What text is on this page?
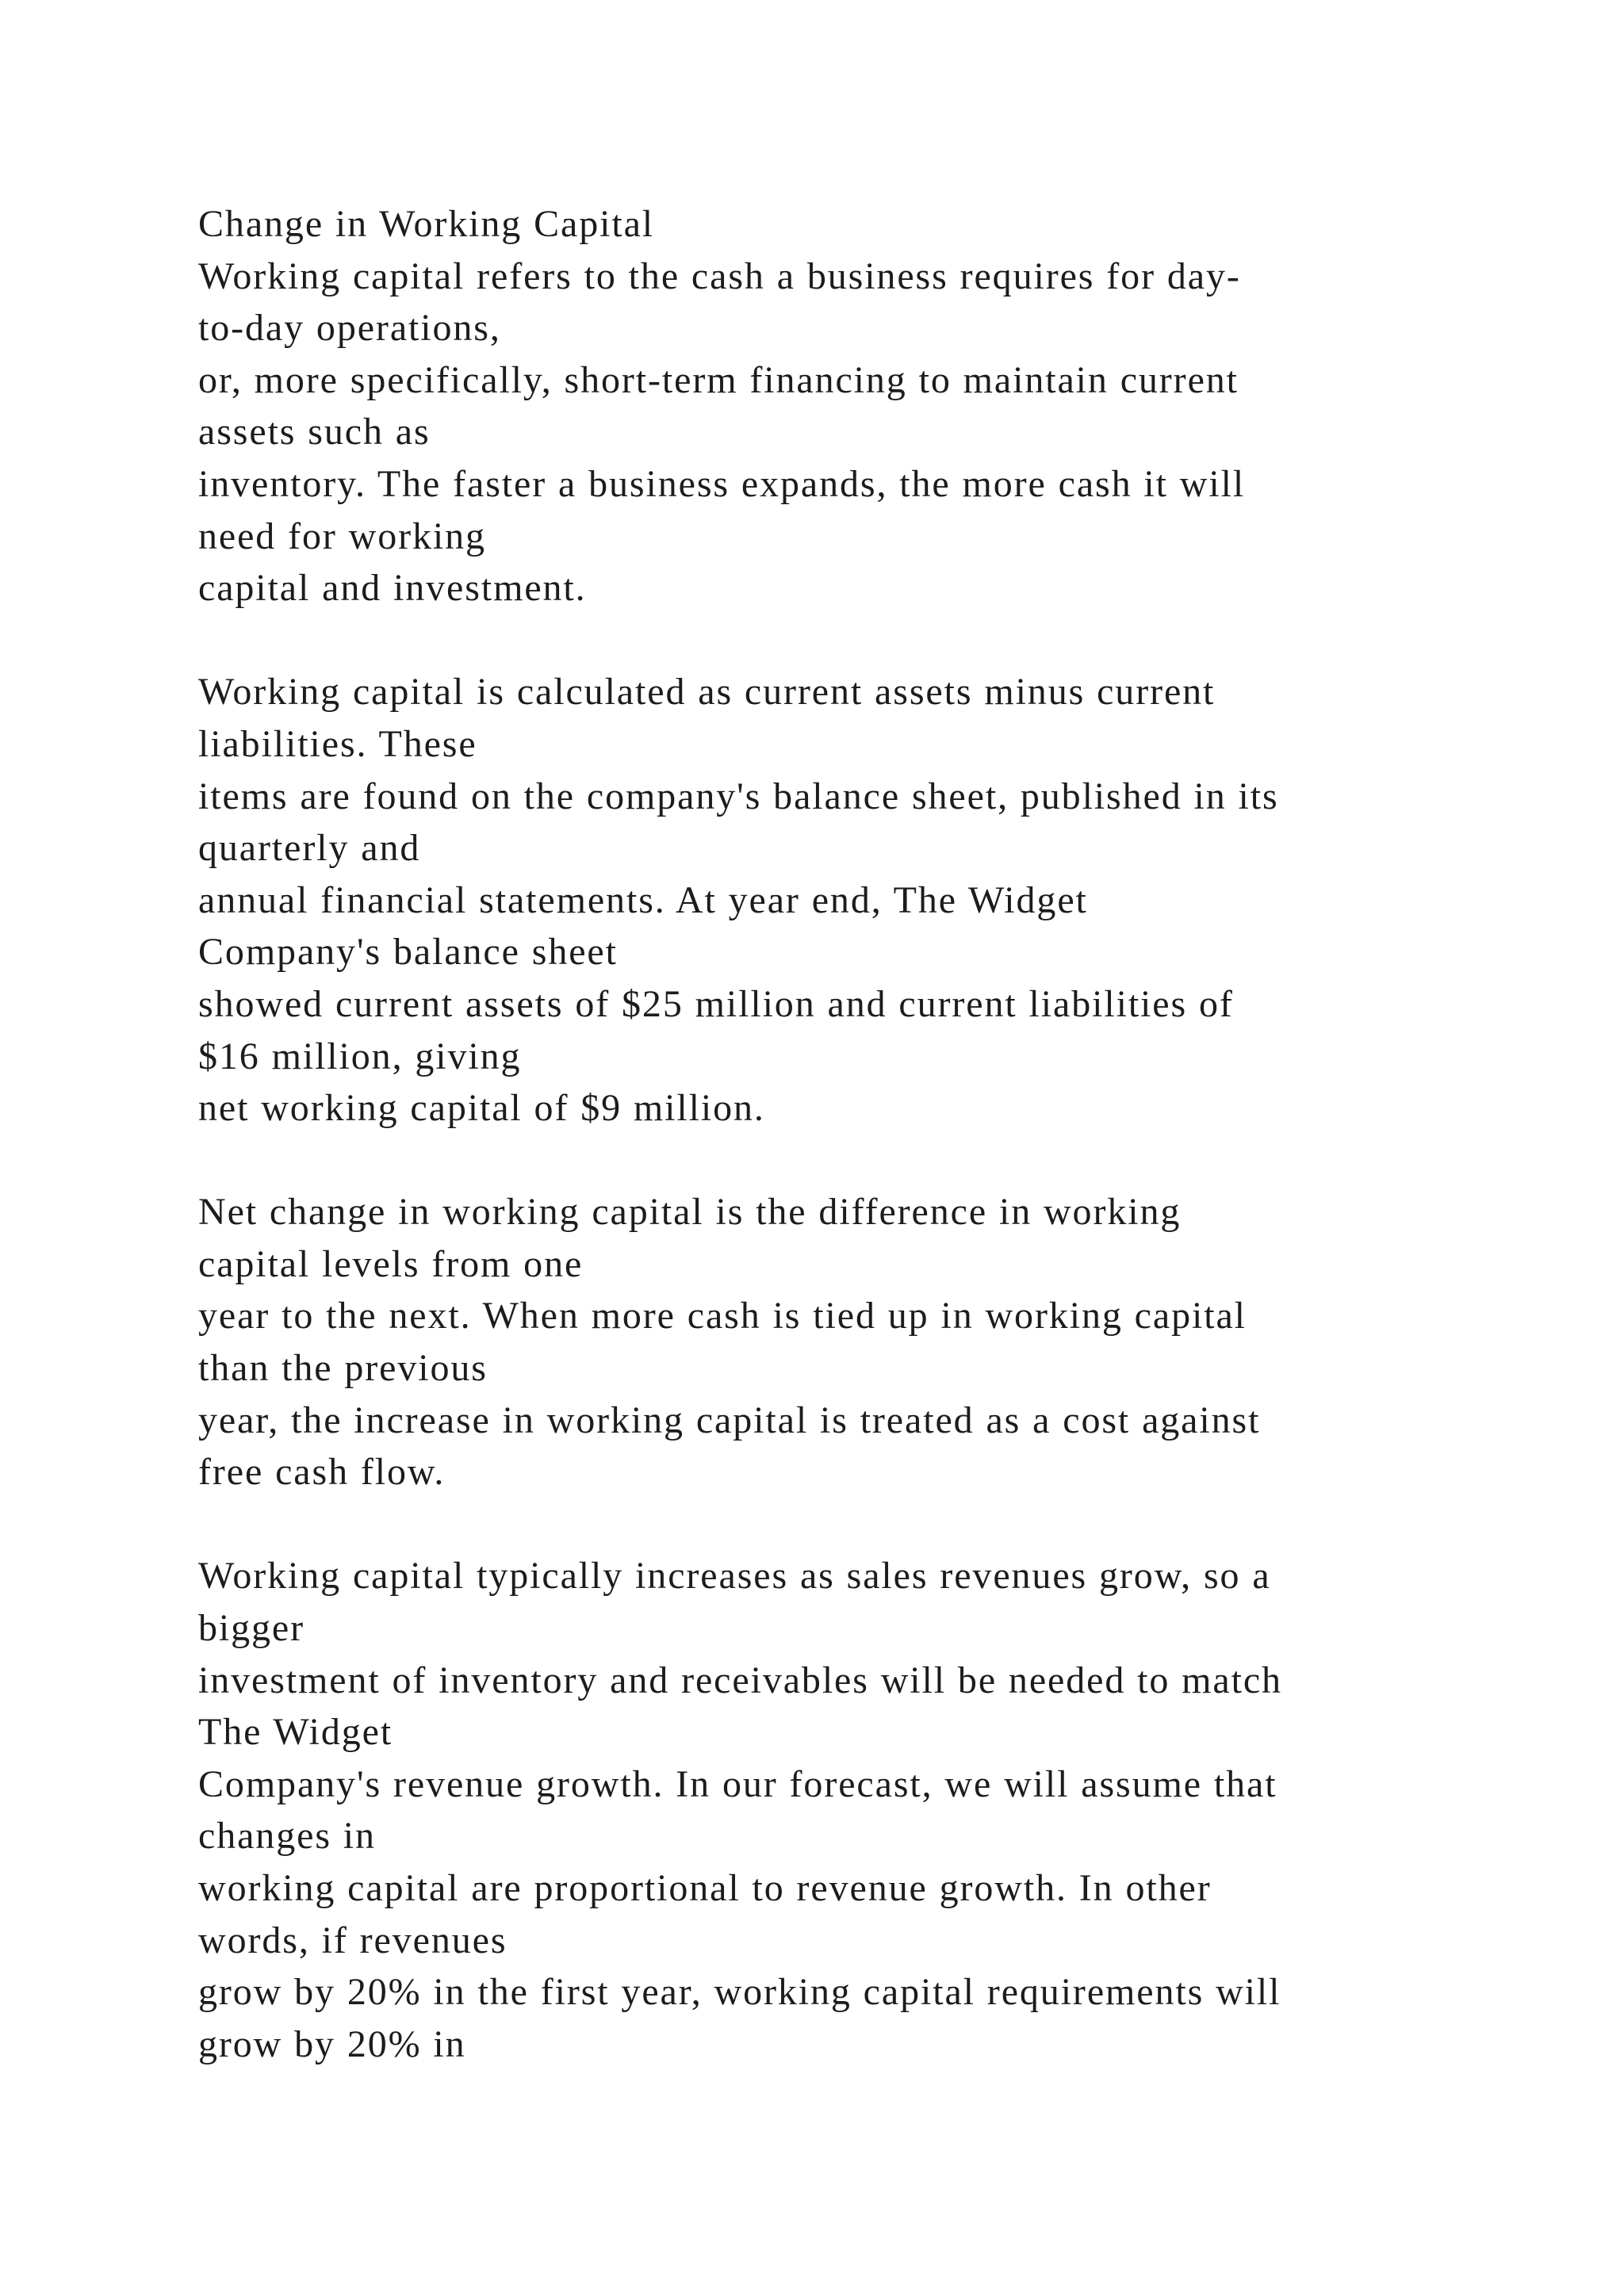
Change in Working Capital
Working capital refers to the cash a business requires for day-
to-day operations,
or, more specifically, short-term financing to maintain current
assets such as
inventory. The faster a business expands, the more cash it will
need for working
capital and investment.
Working capital is calculated as current assets minus current
liabilities. These
items are found on the company's balance sheet, published in its
quarterly and
annual financial statements. At year end, The Widget
Company's balance sheet
showed current assets of $25 million and current liabilities of
$16 million, giving
net working capital of $9 million.
Net change in working capital is the difference in working
capital levels from one
year to the next. When more cash is tied up in working capital
than the previous
year, the increase in working capital is treated as a cost against
free cash flow.
Working capital typically increases as sales revenues grow, so a
bigger
investment of inventory and receivables will be needed to match
The Widget
Company's revenue growth. In our forecast, we will assume that
changes in
working capital are proportional to revenue growth. In other
words, if revenues
grow by 20% in the first year, working capital requirements will
grow by 20% in
